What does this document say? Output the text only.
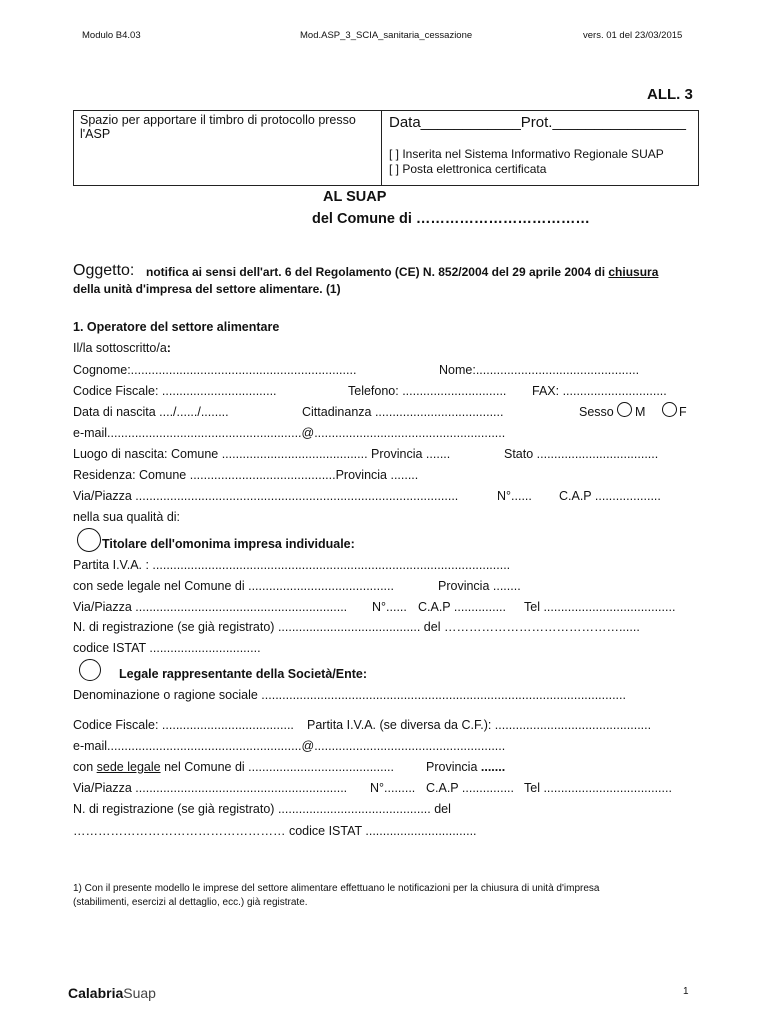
Modulo B4.03	Mod.ASP_3_SCIA_sanitaria_cessazione	vers. 01 del 23/03/2015
ALL. 3
Spazio per apportare il timbro di protocollo presso
l'ASP
Data____________Prot.________________
[ ] Inserita nel Sistema Informativo Regionale SUAP
[ ] Posta elettronica certificata
AL SUAP
del Comune di ………………………………
Oggetto: notifica ai sensi dell'art. 6 del Regolamento (CE) N. 852/2004 del 29 aprile 2004 di chiusura
della unità d'impresa del settore alimentare. (1)
1. Operatore del settore alimentare
Il/la sottoscritto/a:
Cognome:.................................................................	Nome:...............................................
Codice Fiscale: .................................	Telefono: .............................. FAX: ..............................
Data di nascita ..../....../........	Cittadinanza .....................................	Sesso M	F
e-mail........................................................@.......................................................
Luogo di nascita: Comune .......................................... Provincia .......	Stato ...................................
Residenza: Comune ..........................................Provincia ........
Via/Piazza .............................................................................................	N°...... C.A.P ...................
nella sua qualità di:
Titolare dell'omonima impresa individuale:
Partita I.V.A. : .......................................................................................................
con sede legale nel Comune di ..........................................	Provincia ........
Via/Piazza ............................................................. N°...... C.A.P ............... Tel ......................................
N. di registrazione (se già registrato) ......................................... del ……………………………………......
codice ISTAT ................................
Legale rappresentante della Società/Ente:
Denominazione o ragione sociale .........................................................................................................
Codice Fiscale: ...................................... Partita I.V.A. (se diversa da C.F.): .............................................
e-mail........................................................@.......................................................
con sede legale nel Comune di ..........................................	Provincia .......
Via/Piazza ............................................................. N°......... C.A.P ............... Tel .....................................
N. di registrazione (se già registrato) ............................................ del
…………………………………………… codice ISTAT ................................
1) Con il presente modello le imprese del settore alimentare effettuano le notificazioni per la chiusura di unità d'impresa
(stabilimenti, esercizi al dettaglio, ecc.) già registrate.
CalabriaSuap	1
